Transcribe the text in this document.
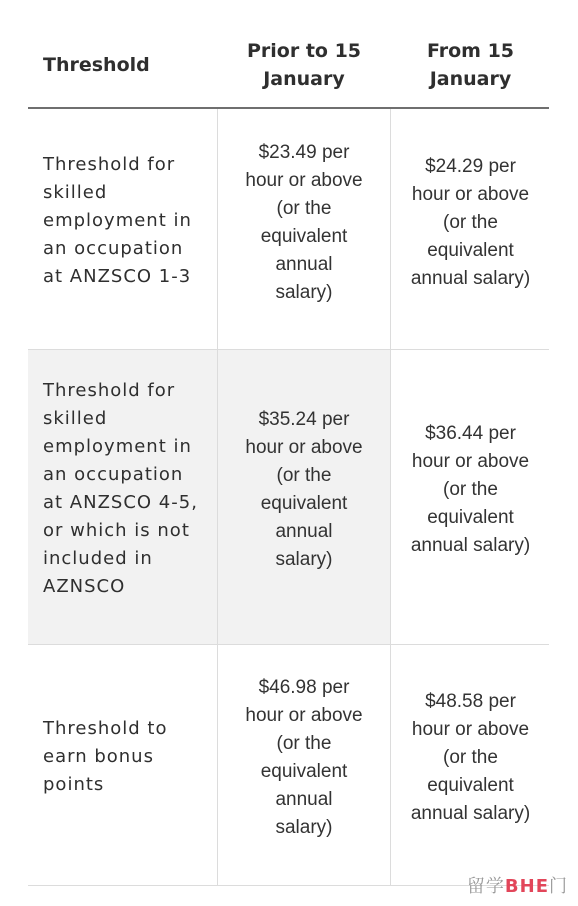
Threshold
Prior to 15
January
From 15
January
Threshold for
skilled
employment in
an occupation
at ANZSCO 1-3
$23.49 per
hour or above
(or the
equivalent
annual
salary)
$24.29 per
hour or above
(or the
equivalent
annual salary)
Threshold for
skilled
employment in
an occupation
at ANZSCO 4-5,
or which is not
included in
AZNSCO
$35.24 per
hour or above
(or the
equivalent
annual
salary)
$36.44 per
hour or above
(or the
equivalent
annual salary)
Threshold to
earn bonus
points
$46.98 per
hour or above
(or the
equivalent
annual
salary)
$48.58 per
hour or above
(or the
equivalent
annual salary)
留学BHE门
